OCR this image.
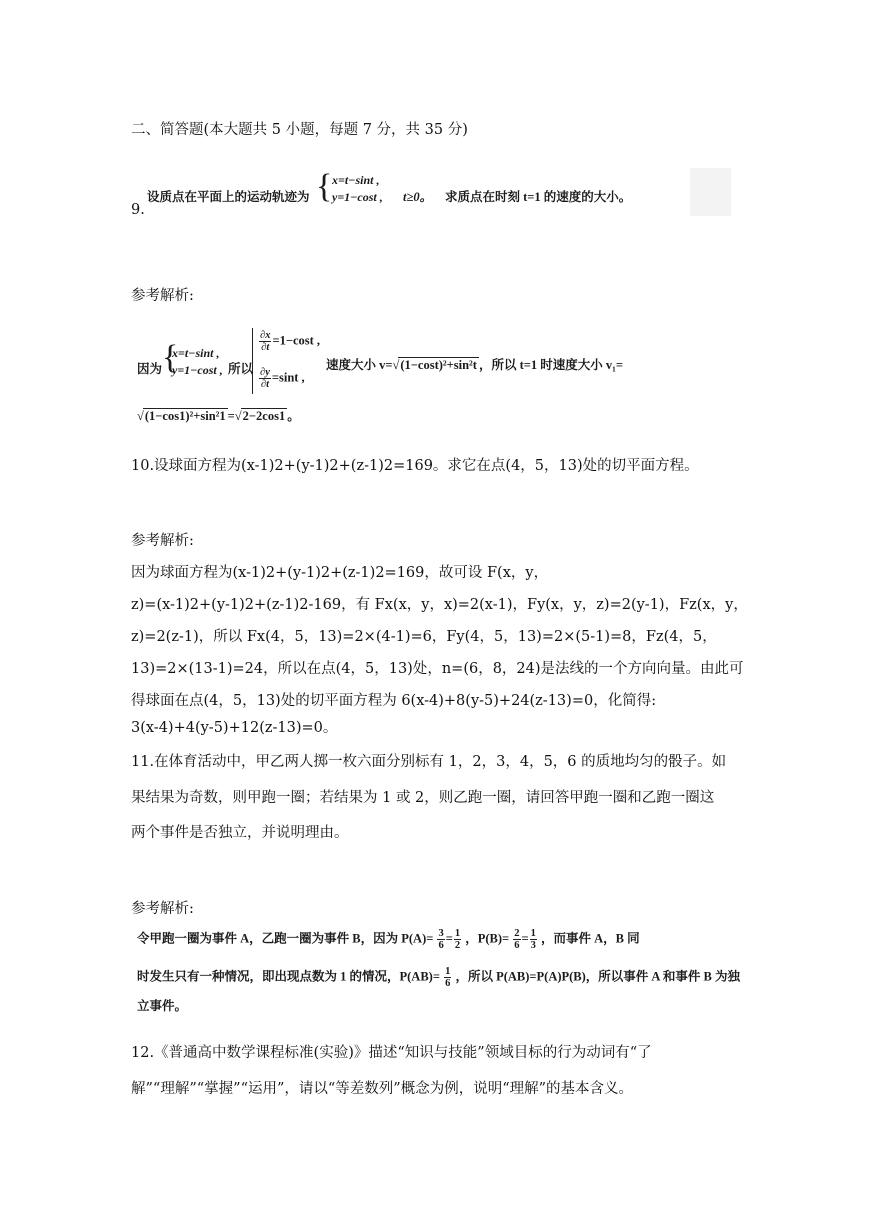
二、简答题(本大题共 5 小题，每题 7 分，共 35 分)
9.
设质点在平面上的运动轨迹为 { x=t−sint ,
y=1−cost , t≥0。 求质点在时刻 t=1 的速度的大小。
参考解析:
因为 {
x=t−sint ,
y=1−cost , 所以
$\frac{\partial x}{\partial t} =1-\cos t$ ,
$\frac{\partial y}{\partial t} =\sin t$ ,
速度大小 v=√(1−cost)²+sin²t ，所以 t=1 时速度大小 v₁=
√(1−cos1)²+sin²1 =√2−2cos1 。
10.设球面方程为(x-1)2+(y-1)2+(z-1)2=169。求它在点(4，5，13)处的切平面方程。
参考解析:
因为球面方程为(x-1)2+(y-1)2+(z-1)2=169，故可设 F(x，y，
z)=(x-1)2+(y-1)2+(z-1)2-169，有 Fx(x，y，x)=2(x-1)，Fy(x，y，z)=2(y-1)，Fz(x，y，
z)=2(z-1)，所以 Fx(4，5，13)=2×(4-1)=6，Fy(4，5，13)=2×(5-1)=8，Fz(4，5，
13)=2×(13-1)=24，所以在点(4，5，13)处，n=(6，8，24)是法线的一个方向向量。由此可
得球面在点(4，5，13)处的切平面方程为 6(x-4)+8(y-5)+24(z-13)=0，化简得:
3(x-4)+4(y-5)+12(z-13)=0。
11.在体育活动中，甲乙两人掷一枚六面分别标有 1，2，3，4，5，6 的质地均匀的骰子。如
果结果为奇数，则甲跑一圈；若结果为 1 或 2，则乙跑一圈，请回答甲跑一圈和乙跑一圈这
两个事件是否独立，并说明理由。
参考解析:
令甲跑一圈为事件 A，乙跑一圈为事件 B，因为 $P(A)= \frac{3}{6} = \frac{1}{2}$ ，$P(B)= \frac{2}{6} = \frac{1}{3}$ ，而事件 A，B 同
时发生只有一种情况，即出现点数为 1 的情况，$P(AB)= \frac{1}{6}$ ，所以 P(AB)=P(A)P(B)，所以事件 A 和事件 B 为独
立事件。
12.《普通高中数学课程标准(实验)》描述“知识与技能”领域目标的行为动词有“了
解”“理解”“掌握”“运用”，请以“等差数列”概念为例，说明“理解”的基本含义。
